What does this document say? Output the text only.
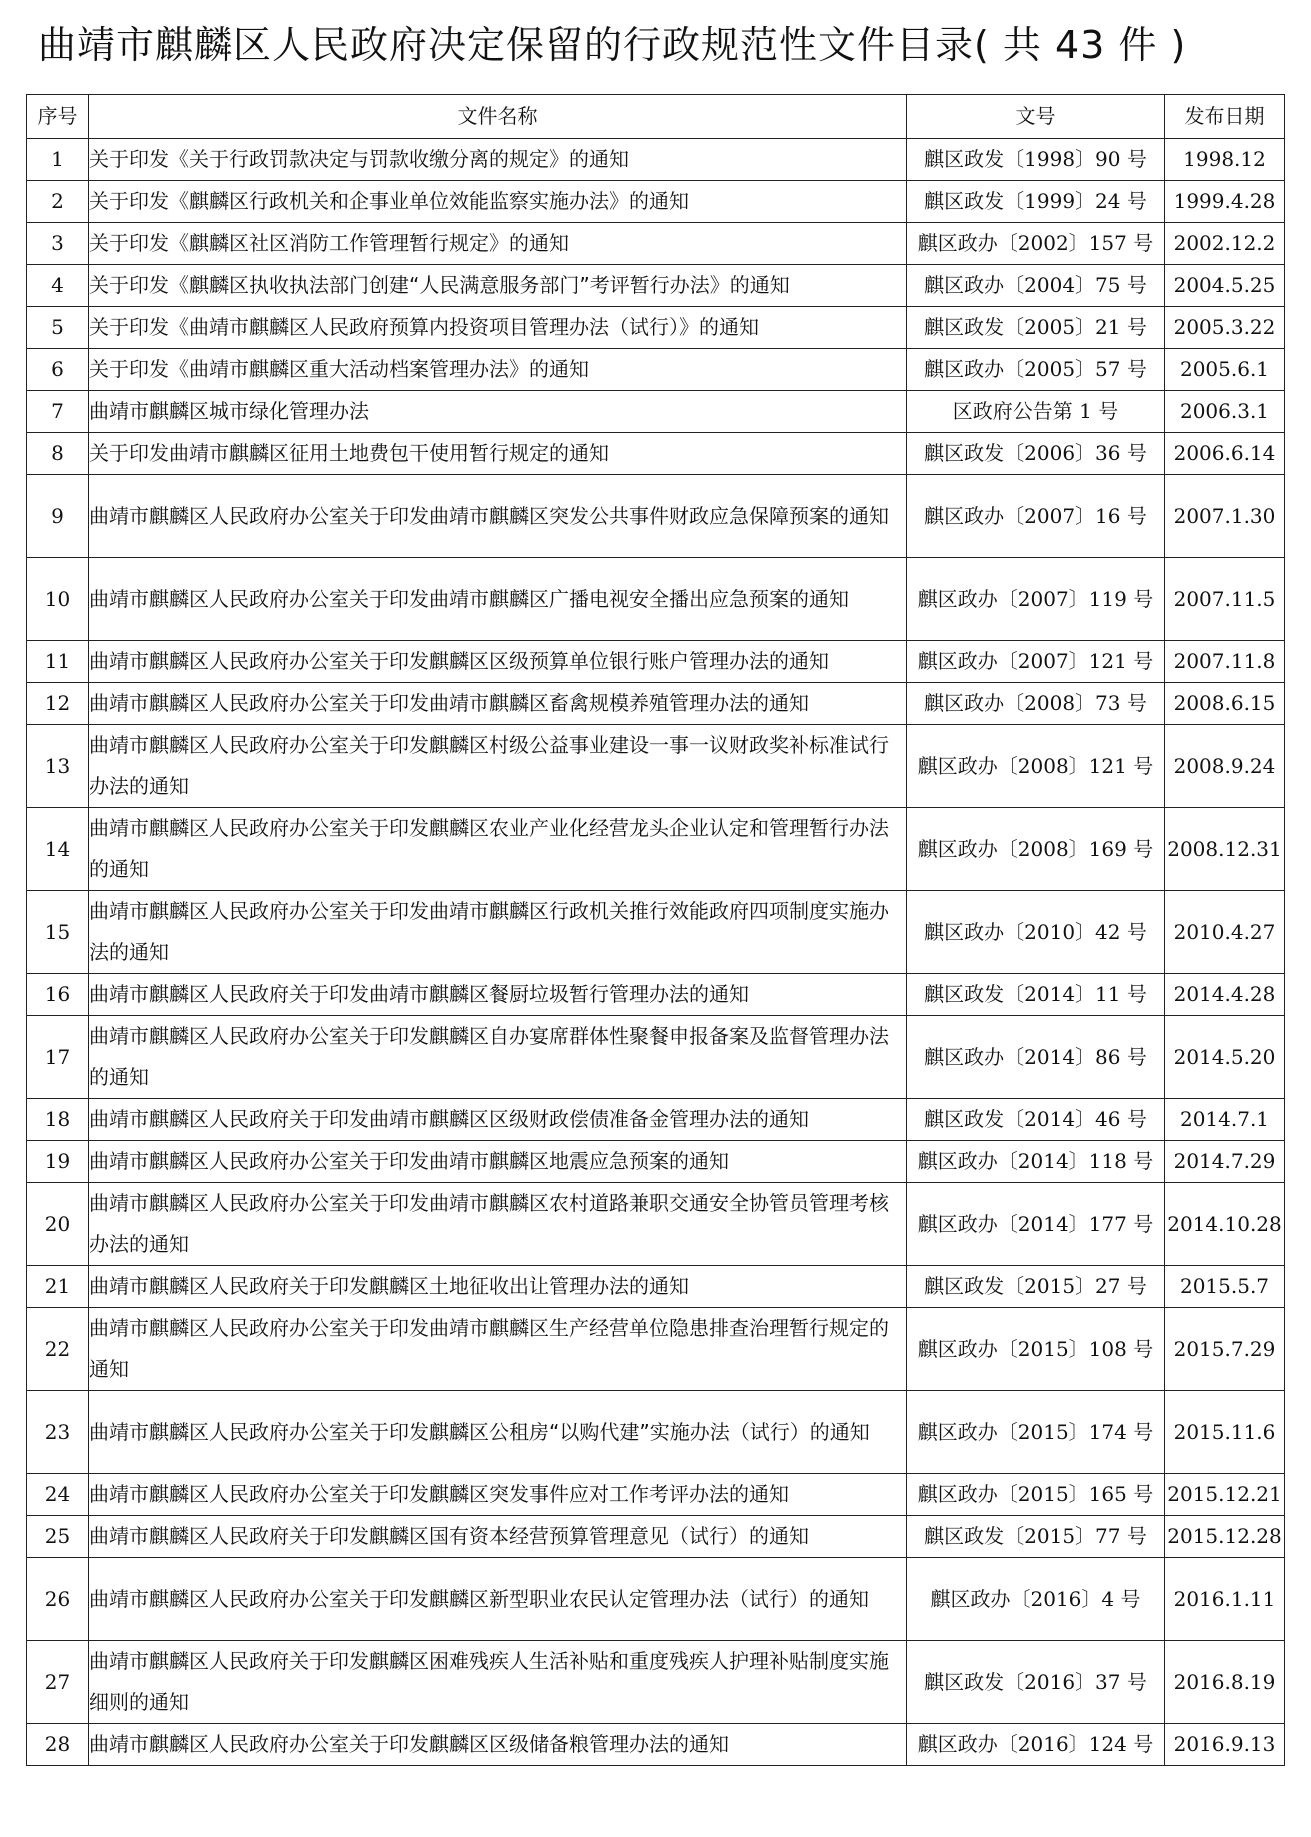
曲靖市麒麟区人民政府决定保留的行政规范性文件目录( 共 43 件 )
序号	文件名称	文号	发布日期
1	关于印发《关于行政罚款决定与罚款收缴分离的规定》的通知	麒区政发〔1998〕90 号	1998.12
2	关于印发《麒麟区行政机关和企事业单位效能监察实施办法》的通知	麒区政发〔1999〕24 号	1999.4.28
3	关于印发《麒麟区社区消防工作管理暂行规定》的通知	麒区政办〔2002〕157 号	2002.12.2
4	关于印发《麒麟区执收执法部门创建“人民满意服务部门”考评暂行办法》的通知	麒区政办〔2004〕75 号	2004.5.25
5	关于印发《曲靖市麒麟区人民政府预算内投资项目管理办法（试行）》的通知	麒区政发〔2005〕21 号	2005.3.22
6	关于印发《曲靖市麒麟区重大活动档案管理办法》的通知	麒区政办〔2005〕57 号	2005.6.1
7	曲靖市麒麟区城市绿化管理办法	区政府公告第 1 号	2006.3.1
8	关于印发曲靖市麒麟区征用土地费包干使用暂行规定的通知	麒区政发〔2006〕36 号	2006.6.14
9	曲靖市麒麟区人民政府办公室关于印发曲靖市麒麟区突发公共事件财政应急保障预案的通知	麒区政办〔2007〕16 号	2007.1.30
10	曲靖市麒麟区人民政府办公室关于印发曲靖市麒麟区广播电视安全播出应急预案的通知	麒区政办〔2007〕119 号	2007.11.5
11	曲靖市麒麟区人民政府办公室关于印发麒麟区区级预算单位银行账户管理办法的通知	麒区政办〔2007〕121 号	2007.11.8
12	曲靖市麒麟区人民政府办公室关于印发曲靖市麒麟区畜禽规模养殖管理办法的通知	麒区政办〔2008〕73 号	2008.6.15
13	曲靖市麒麟区人民政府办公室关于印发麒麟区村级公益事业建设一事一议财政奖补标准试行办法的通知	麒区政办〔2008〕121 号	2008.9.24
14	曲靖市麒麟区人民政府办公室关于印发麒麟区农业产业化经营龙头企业认定和管理暂行办法的通知	麒区政办〔2008〕169 号	2008.12.31
15	曲靖市麒麟区人民政府办公室关于印发曲靖市麒麟区行政机关推行效能政府四项制度实施办法的通知	麒区政办〔2010〕42 号	2010.4.27
16	曲靖市麒麟区人民政府关于印发曲靖市麒麟区餐厨垃圾暂行管理办法的通知	麒区政发〔2014〕11 号	2014.4.28
17	曲靖市麒麟区人民政府办公室关于印发麒麟区自办宴席群体性聚餐申报备案及监督管理办法的通知	麒区政办〔2014〕86 号	2014.5.20
18	曲靖市麒麟区人民政府关于印发曲靖市麒麟区区级财政偿债准备金管理办法的通知	麒区政发〔2014〕46 号	2014.7.1
19	曲靖市麒麟区人民政府办公室关于印发曲靖市麒麟区地震应急预案的通知	麒区政办〔2014〕118 号	2014.7.29
20	曲靖市麒麟区人民政府办公室关于印发曲靖市麒麟区农村道路兼职交通安全协管员管理考核办法的通知	麒区政办〔2014〕177 号	2014.10.28
21	曲靖市麒麟区人民政府关于印发麒麟区土地征收出让管理办法的通知	麒区政发〔2015〕27 号	2015.5.7
22	曲靖市麒麟区人民政府办公室关于印发曲靖市麒麟区生产经营单位隐患排查治理暂行规定的通知	麒区政办〔2015〕108 号	2015.7.29
23	曲靖市麒麟区人民政府办公室关于印发麒麟区公租房“以购代建”实施办法（试行）的通知	麒区政办〔2015〕174 号	2015.11.6
24	曲靖市麒麟区人民政府办公室关于印发麒麟区突发事件应对工作考评办法的通知	麒区政办〔2015〕165 号	2015.12.21
25	曲靖市麒麟区人民政府关于印发麒麟区国有资本经营预算管理意见（试行）的通知	麒区政发〔2015〕77 号	2015.12.28
26	曲靖市麒麟区人民政府办公室关于印发麒麟区新型职业农民认定管理办法（试行）的通知	麒区政办〔2016〕4 号	2016.1.11
27	曲靖市麒麟区人民政府关于印发麒麟区困难残疾人生活补贴和重度残疾人护理补贴制度实施细则的通知	麒区政发〔2016〕37 号	2016.8.19
28	曲靖市麒麟区人民政府办公室关于印发麒麟区区级储备粮管理办法的通知	麒区政办〔2016〕124 号	2016.9.13
